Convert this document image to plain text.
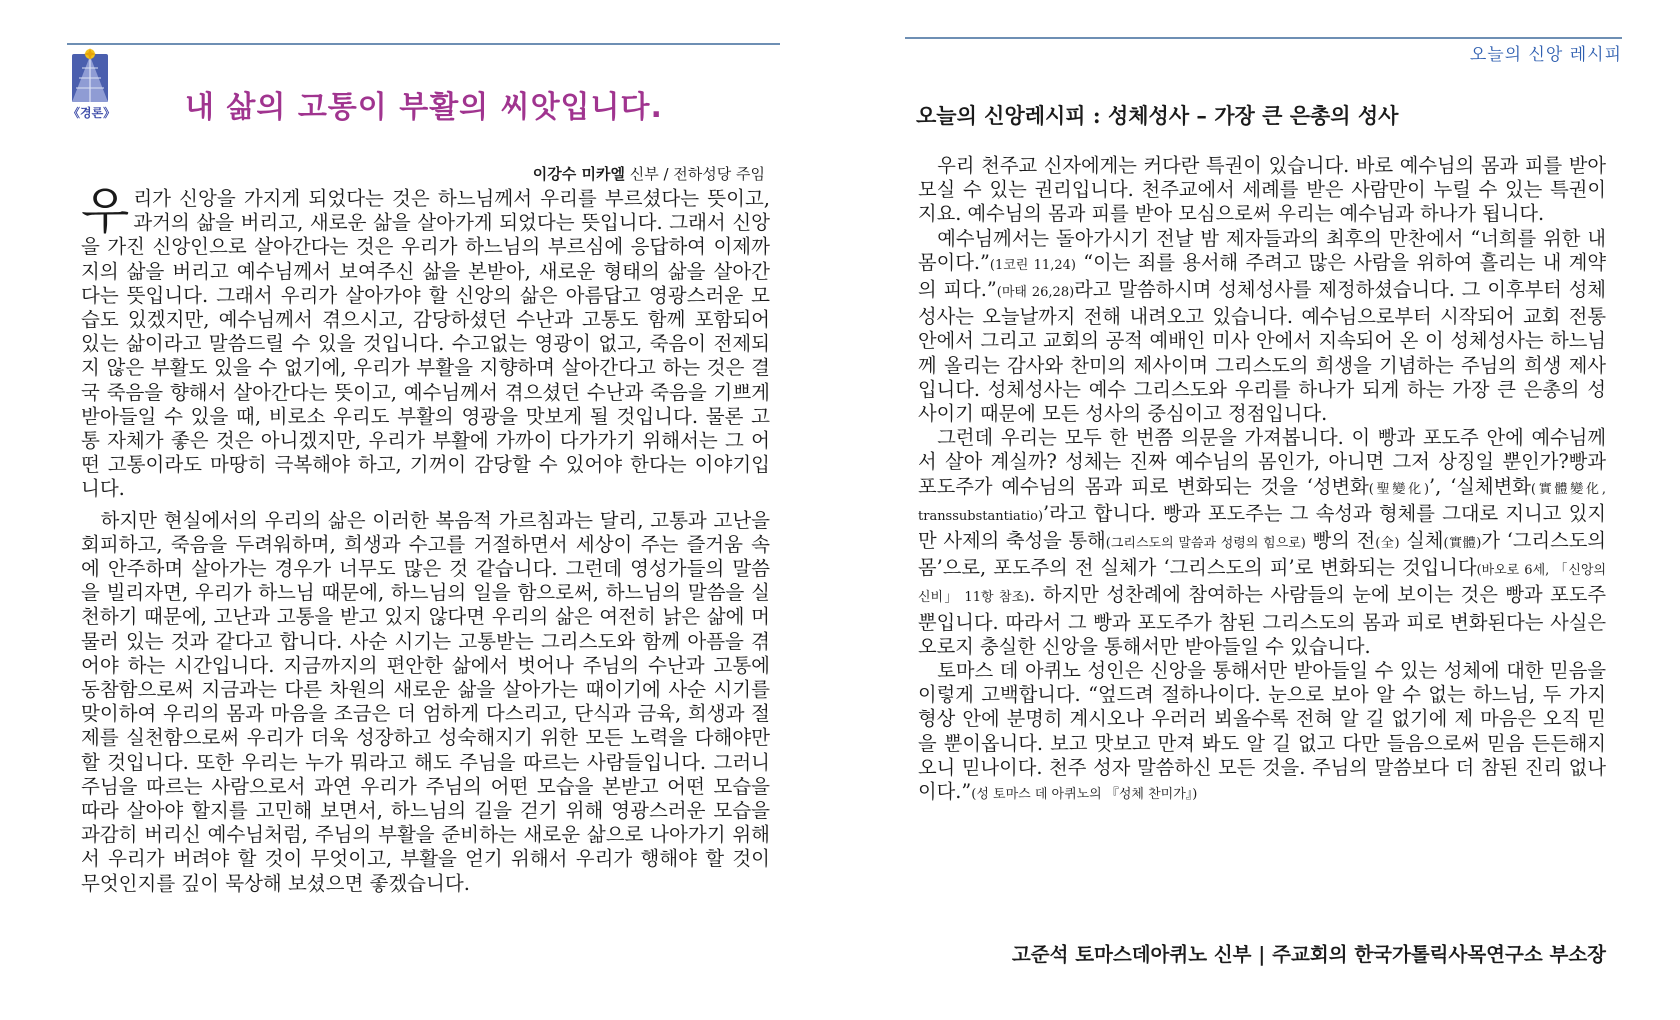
《경론》 내 삶의 고통이 부활의 씨앗입니다.
이강수 미카엘 신부 / 전하성당 주임

우리가 신앙을 가지게 되었다는 것은 하느님께서 우리를 부르셨다는 뜻이고, 과거의 삶을 버리고, 새로운 삶을 살아가게 되었다는 뜻입니다. 그래서 신앙을 가진 신앙인으로 살아간다는 것은 우리가 하느님의 부르심에 응답하여 이제까지의 삶을 버리고 예수님께서 보여주신 삶을 본받아, 새로운 형태의 삶을 살아간다는 뜻입니다. 그래서 우리가 살아가야 할 신앙의 삶은 아름답고 영광스러운 모습도 있겠지만, 예수님께서 겪으시고, 감당하셨던 수난과 고통도 함께 포함되어 있는 삶이라고 말씀드릴 수 있을 것입니다. 수고없는 영광이 없고, 죽음이 전제되지 않은 부활도 있을 수 없기에, 우리가 부활을 지향하며 살아간다고 하는 것은 결국 죽음을 향해서 살아간다는 뜻이고, 예수님께서 겪으셨던 수난과 죽음을 기쁘게 받아들일 수 있을 때, 비로소 우리도 부활의 영광을 맛보게 될 것입니다. 물론 고통 자체가 좋은 것은 아니겠지만, 우리가 부활에 가까이 다가가기 위해서는 그 어떤 고통이라도 마땅히 극복해야 하고, 기꺼이 감당할 수 있어야 한다는 이야기입니다.

하지만 현실에서의 우리의 삶은 이러한 복음적 가르침과는 달리, 고통과 고난을 회피하고, 죽음을 두려워하며, 희생과 수고를 거절하면서 세상이 주는 즐거움 속에 안주하며 살아가는 경우가 너무도 많은 것 같습니다. 그런데 영성가들의 말씀을 빌리자면, 우리가 하느님 때문에, 하느님의 일을 함으로써, 하느님의 말씀을 실천하기 때문에, 고난과 고통을 받고 있지 않다면 우리의 삶은 여전히 낡은 삶에 머물러 있는 것과 같다고 합니다. 사순 시기는 고통받는 그리스도와 함께 아픔을 겪어야 하는 시간입니다. 지금까지의 편안한 삶에서 벗어나 주님의 수난과 고통에 동참함으로써 지금과는 다른 차원의 새로운 삶을 살아가는 때이기에 사순 시기를 맞이하여 우리의 몸과 마음을 조금은 더 엄하게 다스리고, 단식과 금육, 희생과 절제를 실천함으로써 우리가 더욱 성장하고 성숙해지기 위한 모든 노력을 다해야만 할 것입니다. 또한 우리는 누가 뭐라고 해도 주님을 따르는 사람들입니다. 그러니 주님을 따르는 사람으로서 과연 우리가 주님의 어떤 모습을 본받고 어떤 모습을 따라 살아야 할지를 고민해 보면서, 하느님의 길을 걷기 위해 영광스러운 모습을 과감히 버리신 예수님처럼, 주님의 부활을 준비하는 새로운 삶으로 나아가기 위해서 우리가 버려야 할 것이 무엇이고, 부활을 얻기 위해서 우리가 행해야 할 것이 무엇인지를 깊이 묵상해 보셨으면 좋겠습니다.

오늘의 신앙 레시피
오늘의 신앙레시피 : 성체성사 – 가장 큰 은총의 성사

우리 천주교 신자에게는 커다란 특권이 있습니다. 바로 예수님의 몸과 피를 받아 모실 수 있는 권리입니다. 천주교에서 세례를 받은 사람만이 누릴 수 있는 특권이지요. 예수님의 몸과 피를 받아 모심으로써 우리는 예수님과 하나가 됩니다.

예수님께서는 돌아가시기 전날 밤 제자들과의 최후의 만찬에서 “너희를 위한 내 몸이다.”(1코린 11,24) “이는 죄를 용서해 주려고 많은 사람을 위하여 흘리는 내 계약의 피다.”(마태 26,28)라고 말씀하시며 성체성사를 제정하셨습니다. 그 이후부터 성체성사는 오늘날까지 전해 내려오고 있습니다. 예수님으로부터 시작되어 교회 전통 안에서 그리고 교회의 공적 예배인 미사 안에서 지속되어 온 이 성체성사는 하느님께 올리는 감사와 찬미의 제사이며 그리스도의 희생을 기념하는 주님의 희생 제사입니다. 성체성사는 예수 그리스도와 우리를 하나가 되게 하는 가장 큰 은총의 성사이기 때문에 모든 성사의 중심이고 정점입니다.

그런데 우리는 모두 한 번쯤 의문을 가져봅니다. 이 빵과 포도주 안에 예수님께서 살아 계실까? 성체는 진짜 예수님의 몸인가, 아니면 그저 상징일 뿐인가?빵과 포도주가 예수님의 몸과 피로 변화되는 것을 ‘성변화(聖變化)’, ‘실체변화(實體變化, transsubstantiatio)’라고 합니다. 빵과 포도주는 그 속성과 형체를 그대로 지니고 있지만 사제의 축성을 통해(그리스도의 말씀과 성령의 힘으로) 빵의 전(全) 실체(實體)가 ‘그리스도의 몸’으로, 포도주의 전 실체가 ‘그리스도의 피’로 변화되는 것입니다(바오로 6세, 「신앙의 신비」 11항 참조). 하지만 성찬례에 참여하는 사람들의 눈에 보이는 것은 빵과 포도주뿐입니다. 따라서 그 빵과 포도주가 참된 그리스도의 몸과 피로 변화된다는 사실은 오로지 충실한 신앙을 통해서만 받아들일 수 있습니다.

토마스 데 아퀴노 성인은 신앙을 통해서만 받아들일 수 있는 성체에 대한 믿음을 이렇게 고백합니다. “엎드려 절하나이다. 눈으로 보아 알 수 없는 하느님, 두 가지 형상 안에 분명히 계시오나 우러러 뵈올수록 전혀 알 길 없기에 제 마음은 오직 믿을 뿐이옵니다. 보고 맛보고 만져 봐도 알 길 없고 다만 들음으로써 믿음 든든해지오니 믿나이다. 천주 성자 말씀하신 모든 것을. 주님의 말씀보다 더 참된 진리 없나이다.”(성 토마스 데 아퀴노의 『성체 찬미가』)

고준석 토마스데아퀴노 신부 | 주교회의 한국가톨릭사목연구소 부소장
